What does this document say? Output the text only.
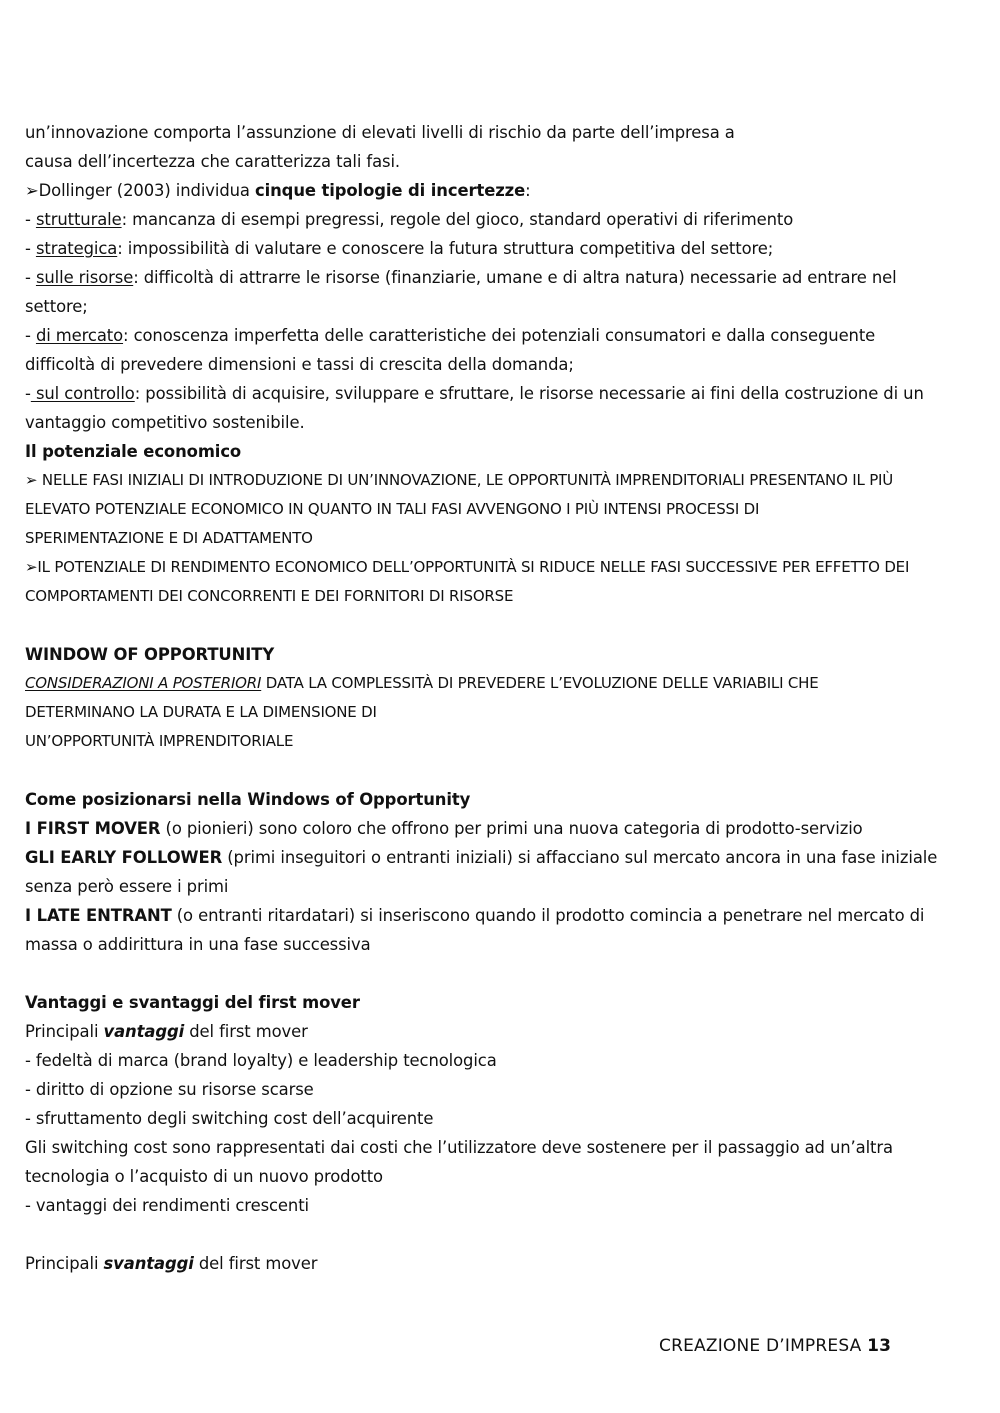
un’innovazione comporta l’assunzione di elevati livelli di rischio da parte dell’impresa a
causa dell’incertezza che caratterizza tali fasi.
➢Dollinger (2003) individua cinque tipologie di incertezze:
- strutturale: mancanza di esempi pregressi, regole del gioco, standard operativi di riferimento
- strategica: impossibilità di valutare e conoscere la futura struttura competitiva del settore;
- sulle risorse: difficoltà di attrarre le risorse (finanziarie, umane e di altra natura) necessarie ad entrare nel
settore;
- di mercato: conoscenza imperfetta delle caratteristiche dei potenziali consumatori e dalla conseguente
difficoltà di prevedere dimensioni e tassi di crescita della domanda;
- sul controllo: possibilità di acquisire, sviluppare e sfruttare, le risorse necessarie ai fini della costruzione di un
vantaggio competitivo sostenibile.
Il potenziale economico
➢ NELLE FASI INIZIALI DI INTRODUZIONE DI UN’INNOVAZIONE, LE OPPORTUNITÀ IMPRENDITORIALI PRESENTANO IL PIÙ
ELEVATO POTENZIALE ECONOMICO IN QUANTO IN TALI FASI AVVENGONO I PIÙ INTENSI PROCESSI DI
SPERIMENTAZIONE E DI ADATTAMENTO
➢IL POTENZIALE DI RENDIMENTO ECONOMICO DELL’OPPORTUNITÀ SI RIDUCE NELLE FASI SUCCESSIVE PER EFFETTO DEI
COMPORTAMENTI DEI CONCORRENTI E DEI FORNITORI DI RISORSE
WINDOW OF OPPORTUNITY
CONSIDERAZIONI A POSTERIORI DATA LA COMPLESSITÀ DI PREVEDERE L’EVOLUZIONE DELLE VARIABILI CHE
DETERMINANO LA DURATA E LA DIMENSIONE DI
UN’OPPORTUNITÀ IMPRENDITORIALE
Come posizionarsi nella Windows of Opportunity
I FIRST MOVER (o pionieri) sono coloro che offrono per primi una nuova categoria di prodotto-servizio
GLI EARLY FOLLOWER (primi inseguitori o entranti iniziali) si affacciano sul mercato ancora in una fase iniziale
senza però essere i primi
I LATE ENTRANT (o entranti ritardatari) si inseriscono quando il prodotto comincia a penetrare nel mercato di
massa o addirittura in una fase successiva
Vantaggi e svantaggi del first mover
Principali vantaggi del first mover
- fedeltà di marca (brand loyalty) e leadership tecnologica
- diritto di opzione su risorse scarse
- sfruttamento degli switching cost dell’acquirente
Gli switching cost sono rappresentati dai costi che l’utilizzatore deve sostenere per il passaggio ad un’altra
tecnologia o l’acquisto di un nuovo prodotto
- vantaggi dei rendimenti crescenti
Principali svantaggi del first mover
CREAZIONE D’IMPRESA 13
